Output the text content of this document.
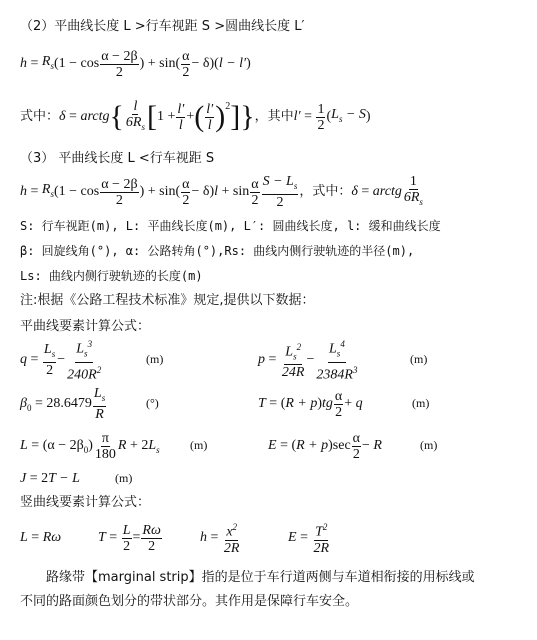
（2）平曲线长度 L >行车视距 S >圆曲线长度 L′
$h = R_s$ ($1 - \cos \frac{\alpha - 2\beta}{2}$ ) + $\sin( \frac{\alpha}{2} - \delta)$( l − l′ )
式中： δ = arctg { $\frac{l}{6R_s}$ [ $1 + \frac{l'}{l}$ + ( $\frac{l'}{l} )^2$ ] } ，其中 $l' = \frac{1}{2}$ ( $L_s - S$ )
（3） 平曲线长度 L <行车视距 S
$h = R_s$ ($1 - \cos \frac{\alpha - 2\beta}{2}$ ) + $\sin( \frac{\alpha}{2} - \delta)$ $l + \sin \frac{\alpha}{2} \frac{S - L_s}{2}$ ，式中： δ = arctg $\frac{1}{6R_s}$
S: 行车视距(m), L: 平曲线长度(m), L′: 圆曲线长度, l: 缓和曲线长度
β: 回旋线角(°), α: 公路转角(°),Rs: 曲线内侧行驶轨迹的半径(m),
Ls: 曲线内侧行驶轨迹的长度(m)
注:根据《公路工程技术标准》规定,提供以下数据：
平曲线要素计算公式：
$q = \frac{L_s}{2} - \frac{L_s^3}{240R^2}$	(m)	$p = \frac{L_s^2}{24R} - \frac{L_s^4}{2384R^3}$	(m)
$\beta_0 = 28.6479 \frac{L_s}{R}$	(°)	T = ( R + p ) tg $\frac{\alpha}{2} + q$	(m)
$L = (\alpha - 2\beta_0) \frac{\pi}{180}$ R + 2 $L_s$	(m)	E = ( R + p )$\sec \frac{\alpha}{2} - R$	(m)
J = 2 T − L	(m)
竖曲线要素计算公式：
L = Rω	$T = \frac{L}{2} = \frac{R\omega}{2}$	$h = \frac{x^2}{2R}$	$E = \frac{T^2}{2R}$
路缘带【marginal strip】指的是位于车行道两侧与车道相衔接的用标线或
不同的路面颜色划分的带状部分。其作用是保障行车安全。
